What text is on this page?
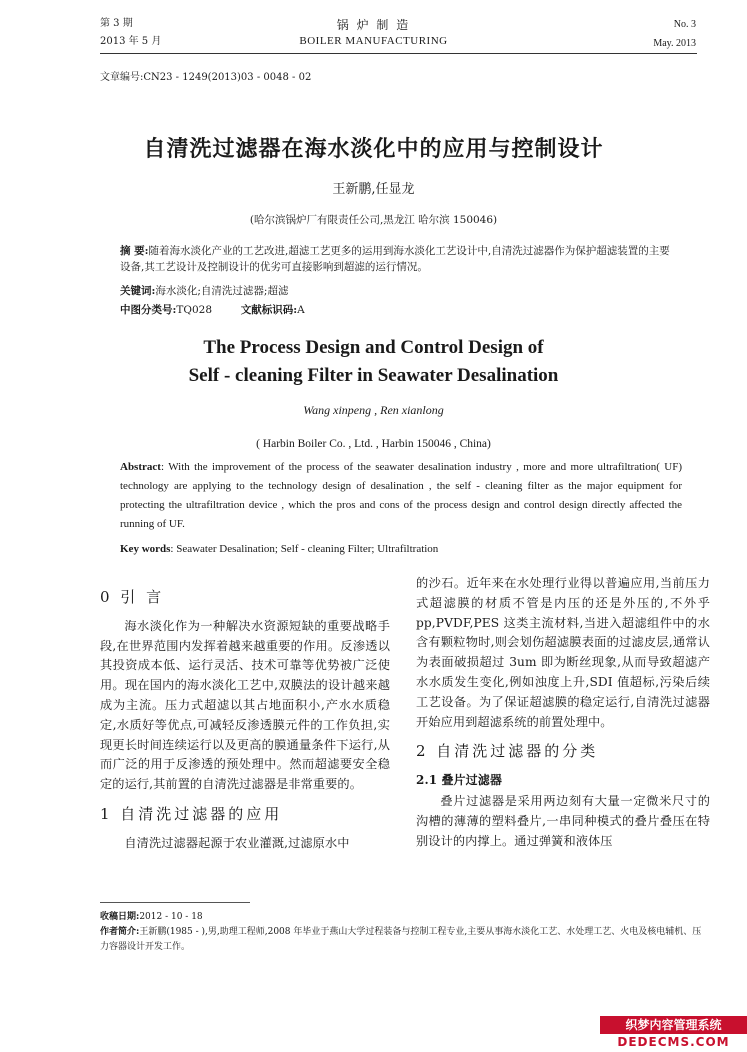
第 3 期
2013 年 5 月
锅 炉 制 造
BOILER MANUFACTURING
No. 3
May. 2013
文章编号:CN23 - 1249(2013)03 - 0048 - 02
自清洗过滤器在海水淡化中的应用与控制设计
王新鹏,任显龙
(哈尔滨锅炉厂有限责任公司,黑龙江 哈尔滨 150046)
摘 要:随着海水淡化产业的工艺改进,超滤工艺更多的运用到海水淡化工艺设计中,自清洗过滤器作为保护超滤装置的主要设备,其工艺设计及控制设计的优劣可直接影响到超滤的运行情况。
关键词:海水淡化;自清洗过滤器;超滤
中图分类号:TQ028	文献标识码:A
The Process Design and Control Design of
Self - cleaning Filter in Seawater Desalination
Wang xinpeng , Ren xianlong
( Harbin Boiler Co. , Ltd. , Harbin 150046 , China)
Abstract: With the improvement of the process of the seawater desalination industry , more and more ultrafiltration( UF) technology are applying to the technology design of desalination , the self - cleaning filter as the major equipment for protecting the ultrafiltration device , which the pros and cons of the process design and control design directly affected the running of UF.
Key words: Seawater Desalination; Self - cleaning Filter; Ultrafiltration
0 引 言

海水淡化作为一种解决水资源短缺的重要战略手段,在世界范围内发挥着越来越重要的作用。反渗透以其投资成本低、运行灵活、技术可靠等优势被广泛使用。现在国内的海水淡化工艺中,双膜法的设计越来越成为主流。压力式超滤以其占地面积小,产水水质稳定,水质好等优点,可减轻反渗透膜元件的工作负担,实现更长时间连续运行以及更高的膜通量条件下运行,从而广泛的用于反渗透的预处理中。然而超滤要安全稳定的运行,其前置的自清洗过滤器是非常重要的。

1 自清洗过滤器的应用

自清洗过滤器起源于农业灌溉,过滤原水中

的沙石。近年来在水处理行业得以普遍应用,当前压力式超滤膜的材质不管是内压的还是外压的,不外乎 pp,PVDF,PES 这类主流材料,当进入超滤组件中的水含有颗粒物时,则会划伤超滤膜表面的过滤皮层,通常认为表面破损超过 3um 即为断丝现象,从而导致超滤产水水质发生变化,例如浊度上升,SDI 值超标,污染后续工艺设备。为了保证超滤膜的稳定运行,自清洗过滤器开始应用到超滤系统的前置处理中。

2 自清洗过滤器的分类
2.1 叠片过滤器

叠片过滤器是采用两边刻有大量一定微米尺寸的沟槽的薄薄的塑料叠片,一串同种模式的叠片叠压在特别设计的内撑上。通过弹簧和液体压

收稿日期:2012 - 10 - 18
作者简介:王新鹏(1985 - ),男,助理工程师,2008 年毕业于燕山大学过程装备与控制工程专业,主要从事海水淡化工艺、水处理工艺、火电及核电辅机、压力容器设计开发工作。
织梦内容管理系统
DEDECMS.COM
